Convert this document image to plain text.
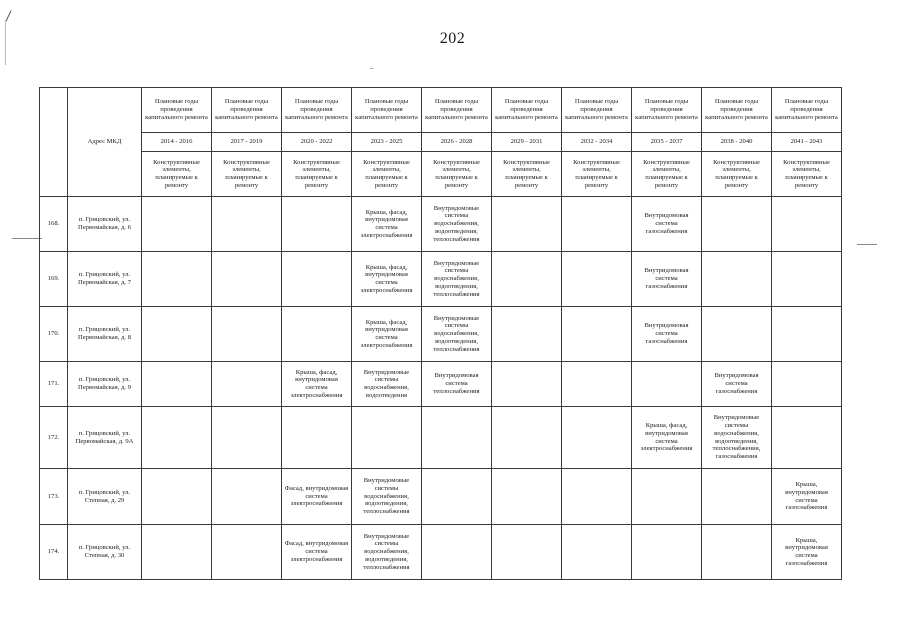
202
	Адрес МКД	Плановые годы проведения капитального ремонта	Плановые годы проведения капитального ремонта	Плановые годы проведения капитального ремонта	Плановые годы проведения капитального ремонта	Плановые годы проведения капитального ремонта	Плановые годы проведения капитального ремонта	Плановые годы проведения капитального ремонта	Плановые годы проведения капитального ремонта	Плановые годы проведения капитального ремонта	Плановые годы проведения капитального ремонта
		2014 - 2016	2017 - 2019	2020 - 2022	2023 - 2025	2026 - 2028	2029 - 2031	2032 - 2034	2035 - 2037	2038 - 2040	2041 - 2043
		Конструктивные элементы, планируемые к ремонту	Конструктивные элементы, планируемые к ремонту	Конструктивные элементы, планируемые к ремонту	Конструктивные элементы, планируемые к ремонту	Конструктивные элементы, планируемые к ремонту	Конструктивные элементы, планируемые к ремонту	Конструктивные элементы, планируемые к ремонту	Конструктивные элементы, планируемые к ремонту	Конструктивные элементы, планируемые к ремонту	Конструктивные элементы, планируемые к ремонту
168.	п. Грицовский, ул. Первомайская, д. 6				Крыша, фасад, внутридомовая система электроснабжения	Внутридомовые системы водоснабжения, водоотведения, теплоснабжения			Внутридомовая система газоснабжения		
169.	п. Грицовский, ул. Первомайская, д. 7				Крыша, фасад, внутридомовая система электроснабжения	Внутридомовые системы водоснабжения, водоотведения, теплоснабжения			Внутридомовая система газоснабжения		
170.	п. Грицовский, ул. Первомайская, д. 8				Крыша, фасад, внутридомовая система электроснабжения	Внутридомовые системы водоснабжения, водоотведения, теплоснабжения			Внутридомовая система газоснабжения		
171.	п. Грицовский, ул. Первомайская, д. 9			Крыша, фасад, внутридомовая система электроснабжения	Внутридомовые системы водоснабжения, водоотведения	Внутридомовая система теплоснабжения				Внутридомовая система газоснабжения	
172.	п. Грицовский, ул. Первомайская, д. 9А								Крыша, фасад, внутридомовая система электроснабжения	Внутридомовые системы водоснабжения, водоотведения, теплоснабжения, газоснабжения	
173.	п. Грицовский, ул. Степная, д. 29			Фасад, внутридомовая система электроснабжения	Внутридомовые системы водоснабжения, водоотведения, теплоснабжения						Крыша, внутридомовая система газоснабжения
174.	п. Грицовский, ул. Степная, д. 30			Фасад, внутридомовая система электроснабжения	Внутридомовые системы водоснабжения, водоотведения, теплоснабжения						Крыша, внутридомовая система газоснабжения
